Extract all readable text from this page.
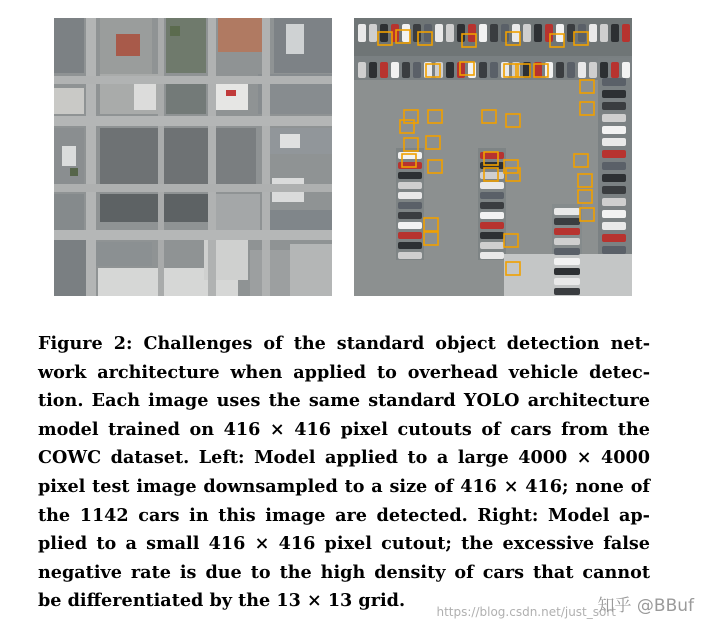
Figure 2: Challenges of the standard object detection net-
work architecture when applied to overhead vehicle detec-
tion. Each image uses the same standard YOLO architecture
model trained on 416 × 416 pixel cutouts of cars from the
COWC dataset. Left: Model applied to a large 4000 × 4000
pixel test image downsampled to a size of 416 × 416; none of
the 1142 cars in this image are detected. Right: Model ap-
plied to a small 416 × 416 pixel cutout; the excessive false
negative rate is due to the high density of cars that cannot
be differentiated by the 13 × 13 grid.
https://blog.csdn.net/just_sort
知乎 @BBuf
